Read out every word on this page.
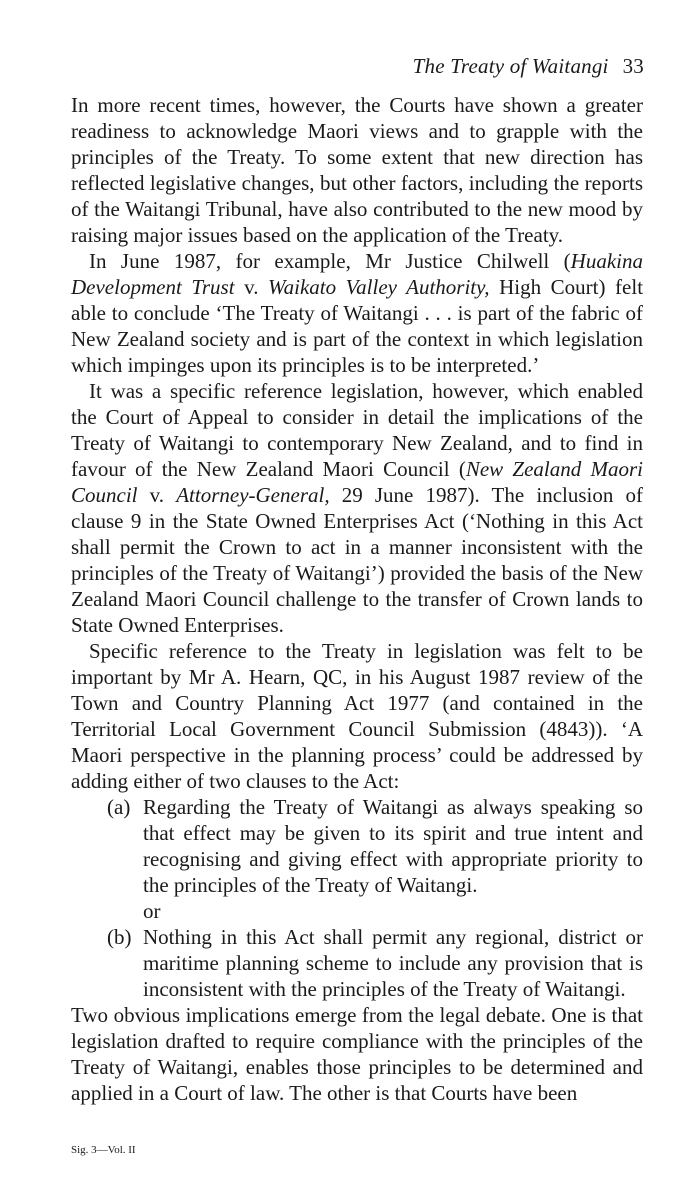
The Treaty of Waitangi 33

In more recent times, however, the Courts have shown a greater readiness to acknowledge Maori views and to grapple with the principles of the Treaty. To some extent that new direction has reflected legislative changes, but other factors, including the reports of the Waitangi Tribunal, have also contributed to the new mood by raising major issues based on the application of the Treaty.

In June 1987, for example, Mr Justice Chilwell (Huakina Development Trust v. Waikato Valley Authority, High Court) felt able to conclude ‘The Treaty of Waitangi . . . is part of the fabric of New Zealand society and is part of the context in which legislation which impinges upon its principles is to be interpreted.’

It was a specific reference legislation, however, which enabled the Court of Appeal to consider in detail the implications of the Treaty of Waitangi to contemporary New Zealand, and to find in favour of the New Zealand Maori Council (New Zealand Maori Council v. Attorney-General, 29 June 1987). The inclusion of clause 9 in the State Owned Enterprises Act (‘Nothing in this Act shall permit the Crown to act in a manner inconsistent with the principles of the Treaty of Waitangi’) provided the basis of the New Zealand Maori Council challenge to the transfer of Crown lands to State Owned Enterprises.

Specific reference to the Treaty in legislation was felt to be important by Mr A. Hearn, QC, in his August 1987 review of the Town and Country Planning Act 1977 (and contained in the Territorial Local Government Council Submission (4843)). ‘A Maori perspective in the planning process’ could be addressed by adding either of two clauses to the Act:

(a) Regarding the Treaty of Waitangi as always speaking so that effect may be given to its spirit and true intent and recognising and giving effect with appropriate priority to the principles of the Treaty of Waitangi.

or

(b) Nothing in this Act shall permit any regional, district or maritime planning scheme to include any provision that is inconsistent with the principles of the Treaty of Waitangi.

Two obvious implications emerge from the legal debate. One is that legislation drafted to require compliance with the principles of the Treaty of Waitangi, enables those principles to be determined and applied in a Court of law. The other is that Courts have been

Sig. 3—Vol. II
